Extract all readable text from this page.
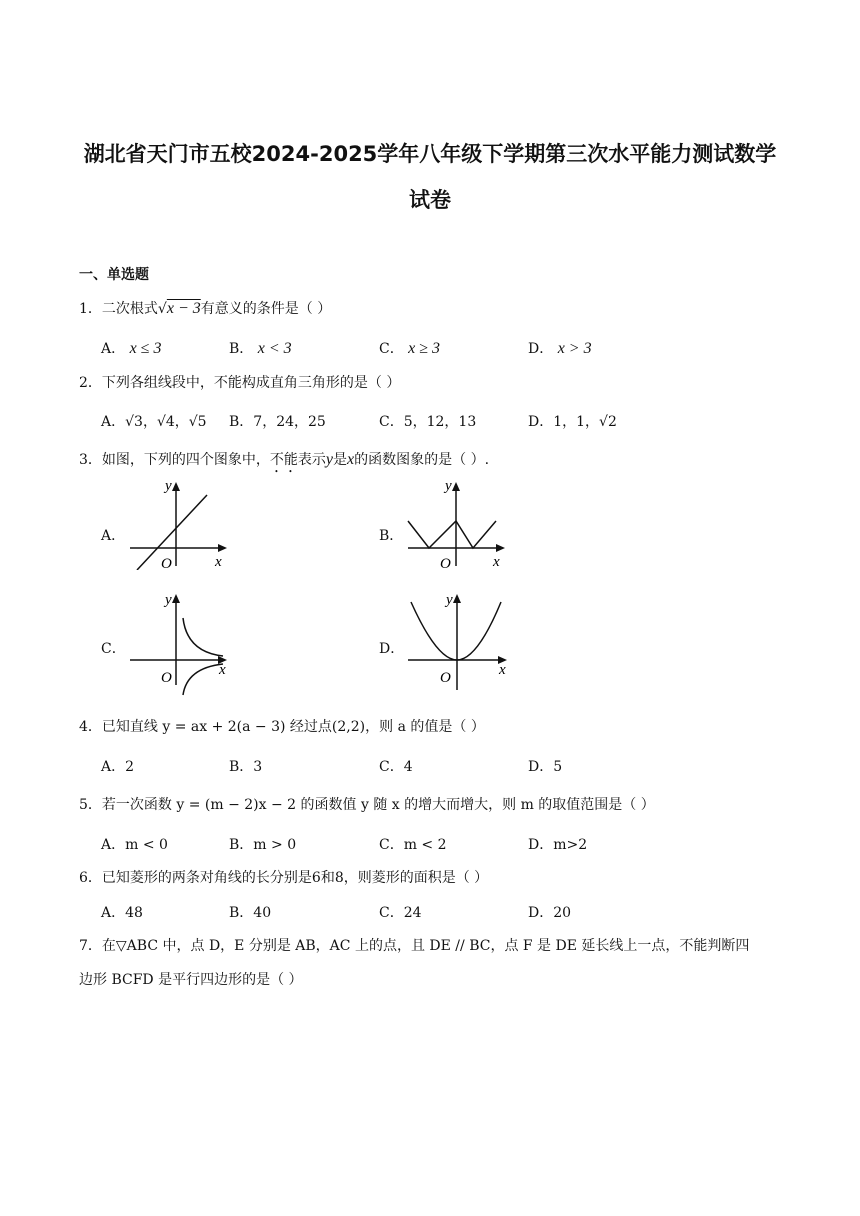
湖北省天门市五校2024-2025学年八年级下学期第三次水平能力测试数学
试卷
一、单选题
1．二次根式√x − 3有意义的条件是（ ）
A． x ≤ 3	B． x < 3	C． x ≥ 3	D． x > 3
2．下列各组线段中，不能构成直角三角形的是（ ）
A．√3，√4，√5 B．7，24，25	C．5，12，13	D．1，1，√2
3．如图，下列的四个图象中，不能表示y是x的函数图象的是（ ）.
A．
y
x
O
B．
y
x
O
C．
y
x
O
D．
y
x
O
4．已知直线 y = ax + 2(a − 3) 经过点(2,2)，则 a 的值是（ ）
A．2	B．3	C．4	D．5
5．若一次函数 y = (m − 2)x − 2 的函数值 y 随 x 的增大而增大，则 m 的取值范围是（ ）
A．m < 0	B．m > 0	C．m < 2	D．m>2
6．已知菱形的两条对角线的长分别是6和8，则菱形的面积是（ ）
A．48	B．40	C．24	D．20
7．在▽ABC 中，点 D，E 分别是 AB，AC 上的点，且 DE // BC，点 F 是 DE 延长线上一点，不能判断四
边形 BCFD 是平行四边形的是（ ）
